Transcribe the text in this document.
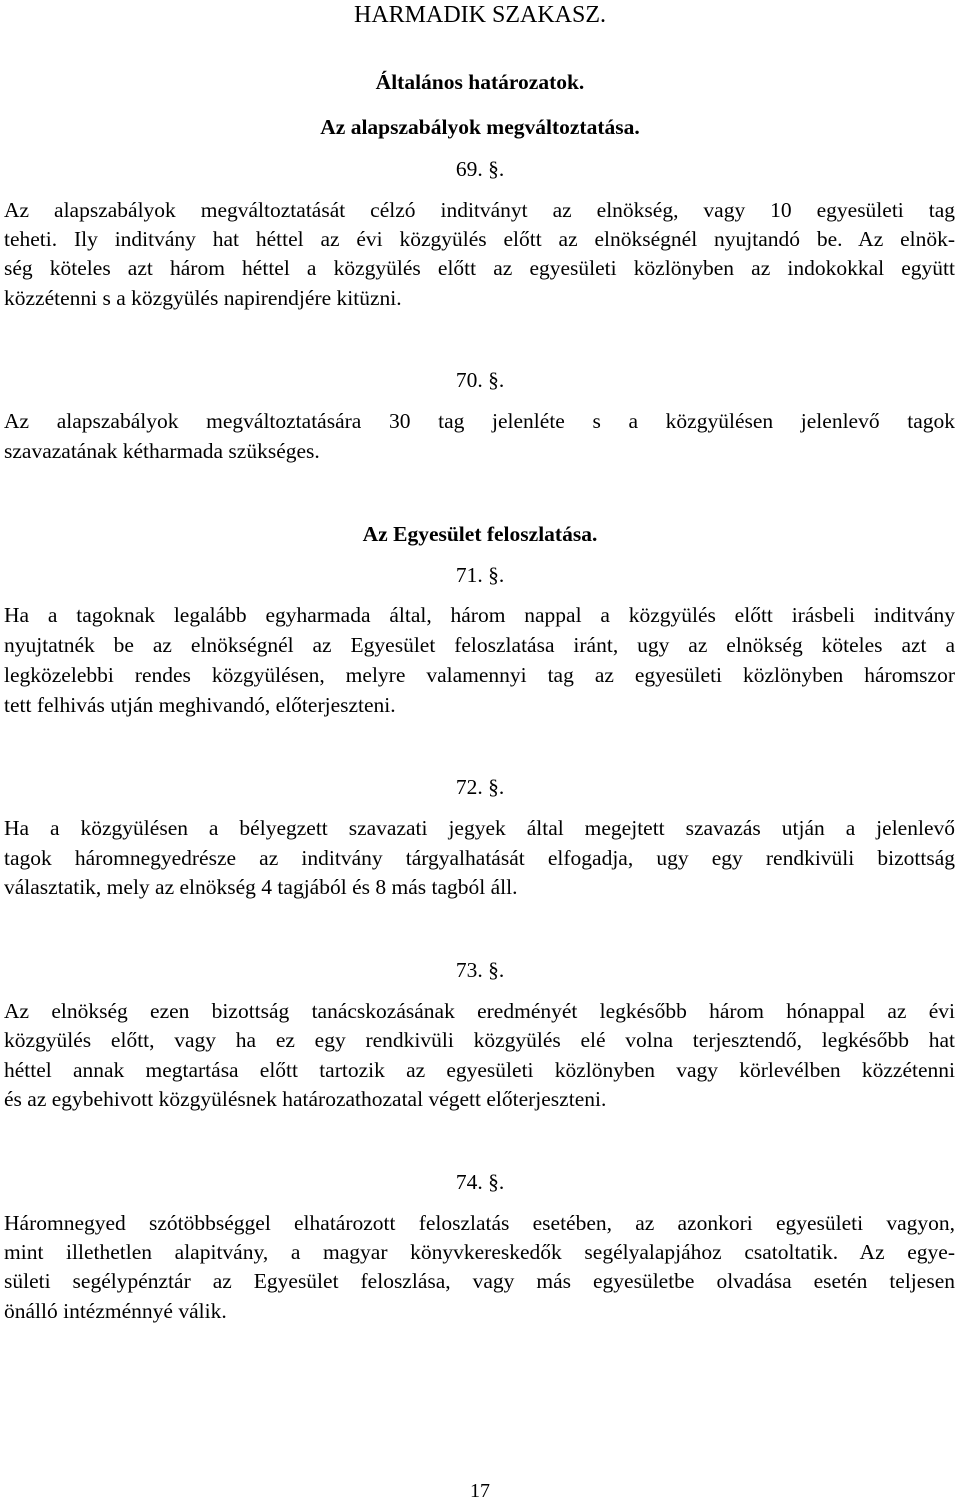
HARMADIK SZAKASZ.
Általános határozatok.
Az alapszabályok megváltoztatása.
69. §.
Az alapszabályok megváltoztatását célzó inditványt az elnökség, vagy 10 egyesületi tag
teheti. Ily inditvány hat héttel az évi közgyülés előtt az elnökségnél nyujtandó be. Az elnök-
ség köteles azt három héttel a közgyülés előtt az egyesületi közlönyben az indokokkal együtt
közzétenni s a közgyülés napirendjére kitüzni.
70. §.
Az alapszabályok megváltoztatására 30 tag jelenléte s a közgyülésen jelenlevő tagok
szavazatának kétharmada szükséges.
Az Egyesület feloszlatása.
71. §.
Ha a tagoknak legalább egyharmada által, három nappal a közgyülés előtt irásbeli inditvány
nyujtatnék be az elnökségnél az Egyesület feloszlatása iránt, ugy az elnökség köteles azt a
legközelebbi rendes közgyülésen, melyre valamennyi tag az egyesületi közlönyben háromszor
tett felhivás utján meghivandó, előterjeszteni.
72. §.
Ha a közgyülésen a bélyegzett szavazati jegyek által megejtett szavazás utján a jelenlevő
tagok háromnegyedrésze az inditvány tárgyalhatását elfogadja, ugy egy rendkivüli bizottság
választatik, mely az elnökség 4 tagjából és 8 más tagból áll.
73. §.
Az elnökség ezen bizottság tanácskozásának eredményét legkésőbb három hónappal az évi
közgyülés előtt, vagy ha ez egy rendkivüli közgyülés elé volna terjesztendő, legkésőbb hat
héttel annak megtartása előtt tartozik az egyesületi közlönyben vagy körlevélben közzétenni
és az egybehivott közgyülésnek határozathozatal végett előterjeszteni.
74. §.
Háromnegyed szótöbbséggel elhatározott feloszlatás esetében, az azonkori egyesületi vagyon,
mint illethetlen alapitvány, a magyar könyvkereskedők segélyalapjához csatoltatik. Az egye-
sületi segélypénztár az Egyesület feloszlása, vagy más egyesületbe olvadása esetén teljesen
önálló intézménnyé válik.
17
